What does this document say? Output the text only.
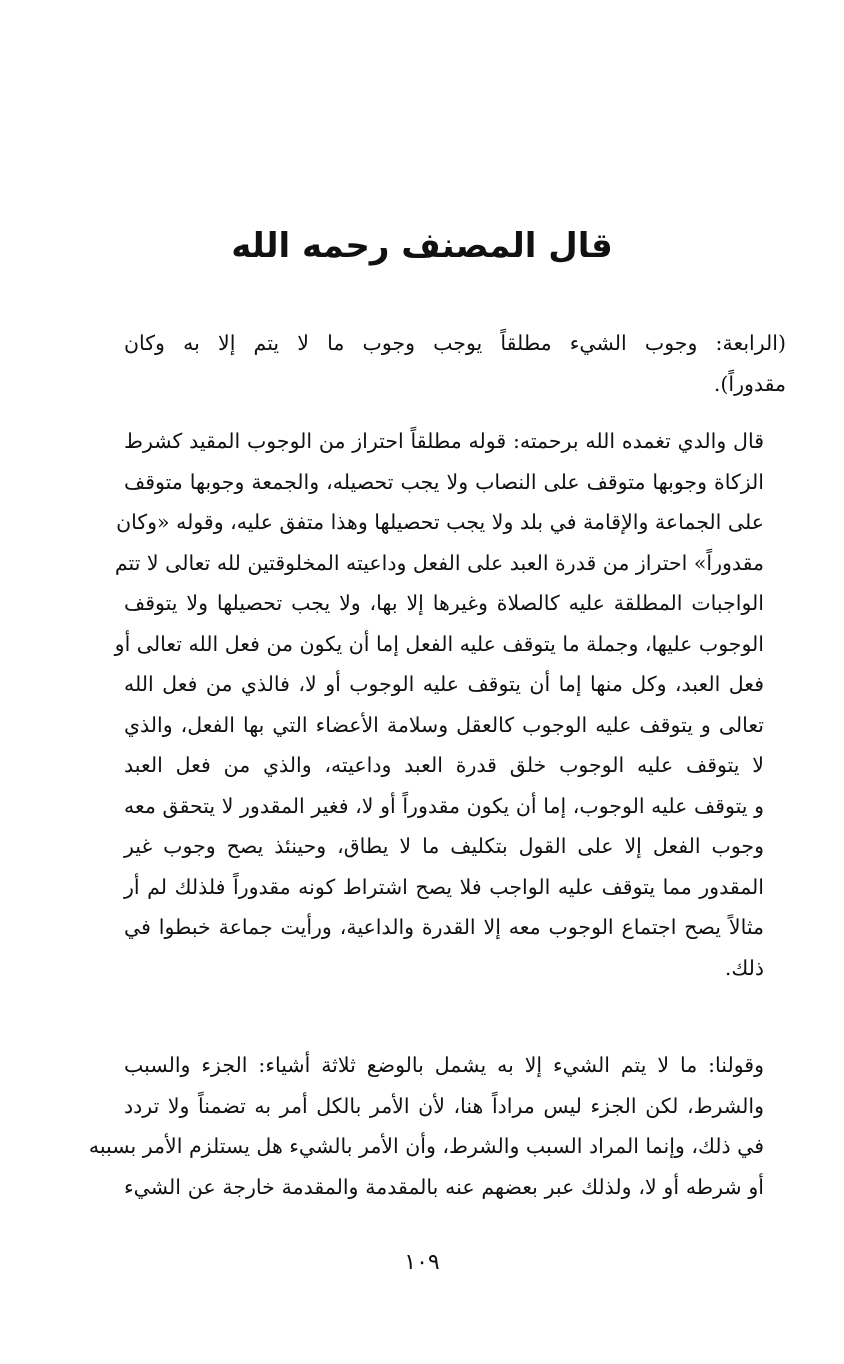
قال المصنف رحمه الله
(الرابعة: وجوب الشيء مطلقاً يوجب وجوب ما لا يتم إلا به وكان
مقدوراً).
قال والدي تغمده الله برحمته: قوله مطلقاً احتراز من الوجوب المقيد كشرط
الزكاة وجوبها متوقف على النصاب ولا يجب تحصيله، والجمعة وجوبها متوقف
على الجماعة والإقامة في بلد ولا يجب تحصيلها وهذا متفق عليه، وقوله «وكان
مقدوراً» احتراز من قدرة العبد على الفعل وداعيته المخلوقتين لله تعالى لا تتم
الواجبات المطلقة عليه كالصلاة وغيرها إلا بها، ولا يجب تحصيلها ولا يتوقف
الوجوب عليها، وجملة ما يتوقف عليه الفعل إما أن يكون من فعل الله تعالى أو
فعل العبد، وكل منها إما أن يتوقف عليه الوجوب أو لا، فالذي من فعل الله
تعالى و يتوقف عليه الوجوب كالعقل وسلامة الأعضاء التي بها الفعل، والذي
لا يتوقف عليه الوجوب خلق قدرة العبد وداعيته، والذي من فعل العبد
و يتوقف عليه الوجوب، إما أن يكون مقدوراً أو لا، فغير المقدور لا يتحقق معه
وجوب الفعل إلا على القول بتكليف ما لا يطاق، وحينئذ يصح وجوب غير
المقدور مما يتوقف عليه الواجب فلا يصح اشتراط كونه مقدوراً فلذلك لم أر
مثالاً يصح اجتماع الوجوب معه إلا القدرة والداعية، ورأيت جماعة خبطوا في
ذلك.
وقولنا: ما لا يتم الشيء إلا به يشمل بالوضع ثلاثة أشياء: الجزء والسبب
والشرط، لكن الجزء ليس مراداً هنا، لأن الأمر بالكل أمر به تضمناً ولا تردد
في ذلك، وإنما المراد السبب والشرط، وأن الأمر بالشيء هل يستلزم الأمر بسببه
أو شرطه أو لا، ولذلك عبر بعضهم عنه بالمقدمة والمقدمة خارجة عن الشيء
١٠٩
